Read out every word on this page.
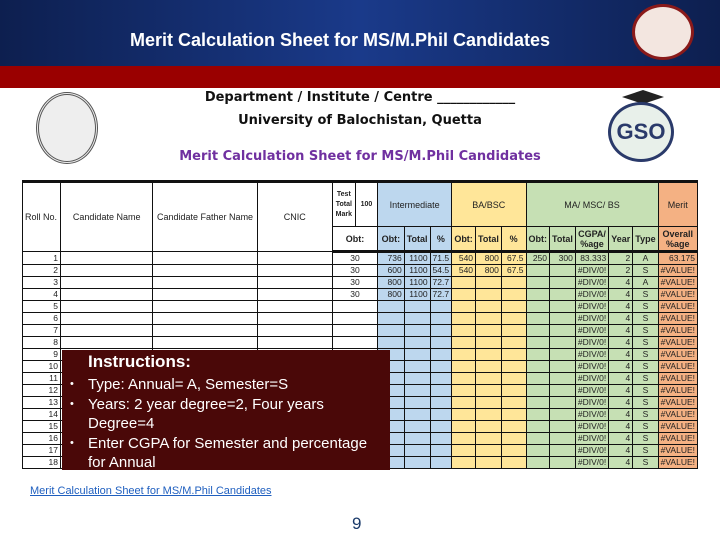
Merit Calculation Sheet for MS/M.Phil Candidates
GSO
Department / Institute / Centre ____________
University of Balochistan, Quetta
Merit Calculation Sheet for MS/M.Phil Candidates
Roll No.	Candidate Name	Candidate Father Name	CNIC	Test Total Mark	100	Intermediate			BA/BSC			MA/ MSC/ BS					Merit
				Obt:		Obt:	Total	%	Obt:	Total	%	Obt:	Total	CGPA/ %age	Year	Type	Overall %age
1				30		736	1100	71.5	540	800	67.5	250	300	83.333	2	A	63.175
2				30		600	1100	54.5	540	800	67.5			#DIV/0!	2	S	#VALUE!
3				30		800	1100	72.7						#DIV/0!	4	A	#VALUE!
4				30		800	1100	72.7						#DIV/0!	4	S	#VALUE!
5														#DIV/0!	4	S	#VALUE!
6														#DIV/0!	4	S	#VALUE!
7														#DIV/0!	4	S	#VALUE!
8														#DIV/0!	4	S	#VALUE!
9														#DIV/0!	4	S	#VALUE!
10														#DIV/0!	4	S	#VALUE!
11														#DIV/0!	4	S	#VALUE!
12														#DIV/0!	4	S	#VALUE!
13														#DIV/0!	4	S	#VALUE!
14														#DIV/0!	4	S	#VALUE!
15														#DIV/0!	4	S	#VALUE!
16														#DIV/0!	4	S	#VALUE!
17														#DIV/0!	4	S	#VALUE!
18														#DIV/0!	4	S	#VALUE!
Instructions:
• Type: Annual= A, Semester=S
• Years: 2 year degree=2, Four years Degree=4
• Enter CGPA for Semester and percentage for Annual
Merit Calculation Sheet for MS/M.Phil Candidates
9
